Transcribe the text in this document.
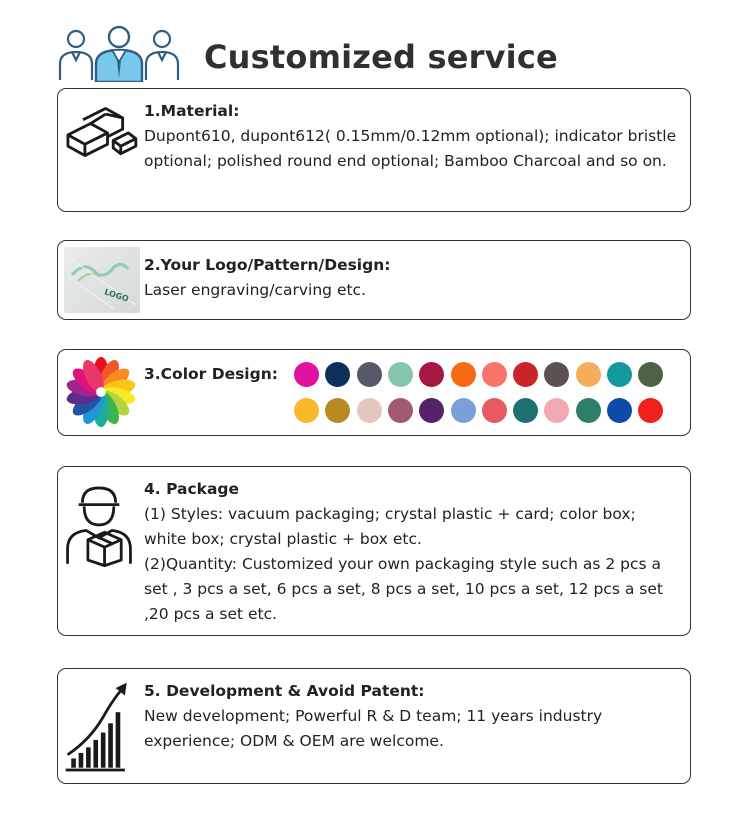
Customized service
1.Material:
Dupont610, dupont612( 0.15mm/0.12mm optional); indicator bristle optional; polished round end optional; Bamboo Charcoal and so on.
LOGO
2.Your Logo/Pattern/Design:
Laser engraving/carving etc.
3.Color Design:
4. Package
(1) Styles: vacuum packaging; crystal plastic + card; color box; white box; crystal plastic + box etc.
(2)Quantity: Customized your own packaging style such as 2 pcs a set , 3 pcs a set, 6 pcs a set, 8 pcs a set, 10 pcs a set, 12 pcs a set ,20 pcs a set etc.
5. Development & Avoid Patent:
New development; Powerful R & D team; 11 years industry experience; ODM & OEM are welcome.
